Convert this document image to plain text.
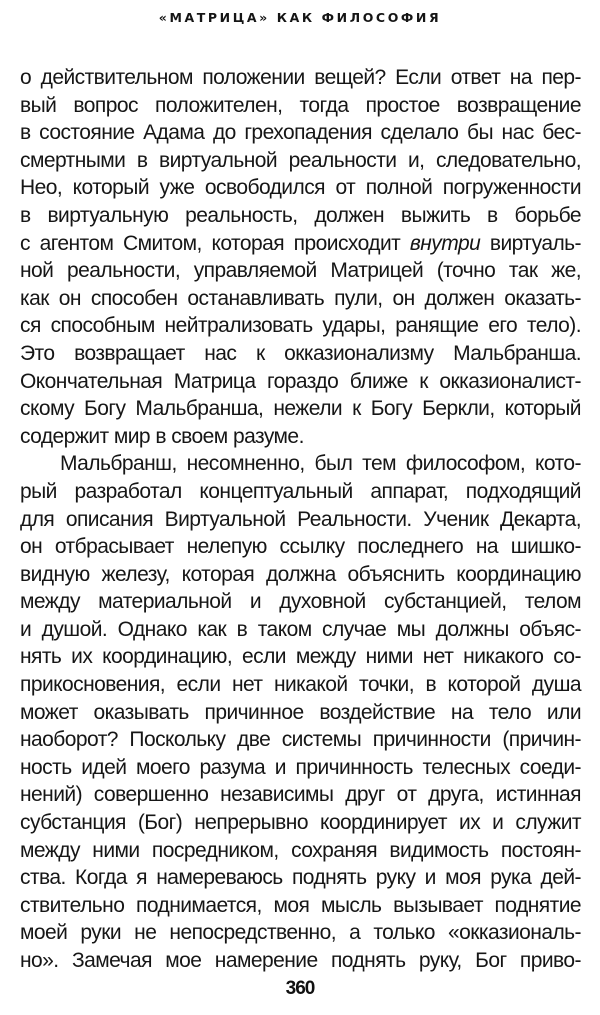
«МАТРИЦА» КАК ФИЛОСОФИЯ
о действительном положении вещей? Если ответ на пер-
вый вопрос положителен, тогда простое возвращение
в состояние Адама до грехопадения сделало бы нас бес-
смертными в виртуальной реальности и, следовательно,
Нео, который уже освободился от полной погруженности
в виртуальную реальность, должен выжить в борьбе
с агентом Смитом, которая происходит внутри виртуаль-
ной реальности, управляемой Матрицей (точно так же,
как он способен останавливать пули, он должен оказать-
ся способным нейтрализовать удары, ранящие его тело).
Это возвращает нас к окказионализму Мальбранша.
Окончательная Матрица гораздо ближе к окказионалист-
скому Богу Мальбранша, нежели к Богу Беркли, который
содержит мир в своем разуме.
Мальбранш, несомненно, был тем философом, кото-
рый разработал концептуальный аппарат, подходящий
для описания Виртуальной Реальности. Ученик Декарта,
он отбрасывает нелепую ссылку последнего на шишко-
видную железу, которая должна объяснить координацию
между материальной и духовной субстанцией, телом
и душой. Однако как в таком случае мы должны объяс-
нять их координацию, если между ними нет никакого со-
прикосновения, если нет никакой точки, в которой душа
может оказывать причинное воздействие на тело или
наоборот? Поскольку две системы причинности (причин-
ность идей моего разума и причинность телесных соеди-
нений) совершенно независимы друг от друга, истинная
субстанция (Бог) непрерывно координирует их и служит
между ними посредником, сохраняя видимость постоян-
ства. Когда я намереваюсь поднять руку и моя рука дей-
ствительно поднимается, моя мысль вызывает поднятие
моей руки не непосредственно, а только «окказиональ-
но». Замечая мое намерение поднять руку, Бог приво-
360
